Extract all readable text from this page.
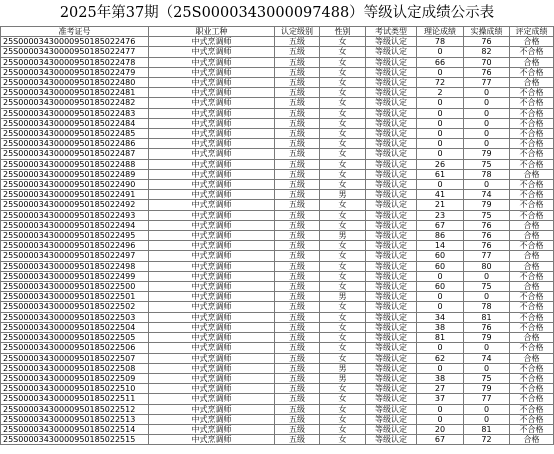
2025年第37期（25S0000343000097488）等级认定成绩公示表
准考证号	职业工种	认定级别	性别	考试类型	理论成绩	实操成绩	评定成绩
25S000034300009501850224​76	中式烹调师	五级	女	等级认定	78	76	合格
25S00003430000950185022477	中式烹调师	五级	女	等级认定	0	82	不合格
25S00003430000950185022478	中式烹调师	五级	女	等级认定	66	70	合格
25S00003430000950185022479	中式烹调师	五级	女	等级认定	0	76	不合格
25S00003430000950185022480	中式烹调师	五级	女	等级认定	72	77	合格
25S00003430000950185022481	中式烹调师	五级	女	等级认定	2	0	不合格
25S00003430000950185022482	中式烹调师	五级	女	等级认定	0	0	不合格
25S00003430000950185022483	中式烹调师	五级	女	等级认定	0	0	不合格
25S00003430000950185022484	中式烹调师	五级	女	等级认定	0	0	不合格
25S00003430000950185022485	中式烹调师	五级	女	等级认定	0	0	不合格
25S00003430000950185022486	中式烹调师	五级	女	等级认定	0	0	不合格
25S00003430000950185022487	中式烹调师	五级	女	等级认定	0	79	不合格
25S00003430000950185022488	中式烹调师	五级	女	等级认定	26	75	不合格
25S00003430000950185022489	中式烹调师	五级	女	等级认定	61	78	合格
25S00003430000950185022490	中式烹调师	五级	女	等级认定	0	0	不合格
25S00003430000950185022491	中式烹调师	五级	男	等级认定	41	74	不合格
25S00003430000950185022492	中式烹调师	五级	女	等级认定	21	79	不合格
25S00003430000950185022493	中式烹调师	五级	女	等级认定	23	75	不合格
25S00003430000950185022494	中式烹调师	五级	女	等级认定	67	76	合格
25S00003430000950185022495	中式烹调师	五级	男	等级认定	86	76	合格
25S00003430000950185022496	中式烹调师	五级	女	等级认定	14	76	不合格
25S00003430000950185022497	中式烹调师	五级	女	等级认定	60	77	合格
25S00003430000950185022498	中式烹调师	五级	女	等级认定	60	80	合格
25S00003430000950185022499	中式烹调师	五级	女	等级认定	0	0	不合格
25S00003430000950185022500	中式烹调师	五级	女	等级认定	60	75	合格
25S00003430000950185022501	中式烹调师	五级	男	等级认定	0	0	不合格
25S00003430000950185022502	中式烹调师	五级	女	等级认定	0	78	不合格
25S00003430000950185022503	中式烹调师	五级	女	等级认定	34	81	不合格
25S00003430000950185022504	中式烹调师	五级	女	等级认定	38	76	不合格
25S00003430000950185022505	中式烹调师	五级	女	等级认定	81	79	合格
25S00003430000950185022506	中式烹调师	五级	女	等级认定	0	0	不合格
25S00003430000950185022507	中式烹调师	五级	女	等级认定	62	74	合格
25S00003430000950185022508	中式烹调师	五级	男	等级认定	0	0	不合格
25S00003430000950185022509	中式烹调师	五级	男	等级认定	38	75	不合格
25S00003430000950185022510	中式烹调师	五级	女	等级认定	27	79	不合格
25S00003430000950185022511	中式烹调师	五级	女	等级认定	37	77	不合格
25S00003430000950185022512	中式烹调师	五级	女	等级认定	0	0	不合格
25S00003430000950185022513	中式烹调师	五级	女	等级认定	0	0	不合格
25S00003430000950185022514	中式烹调师	五级	女	等级认定	20	81	不合格
25S00003430000950185022515	中式烹调师	五级	女	等级认定	67	72	合格
